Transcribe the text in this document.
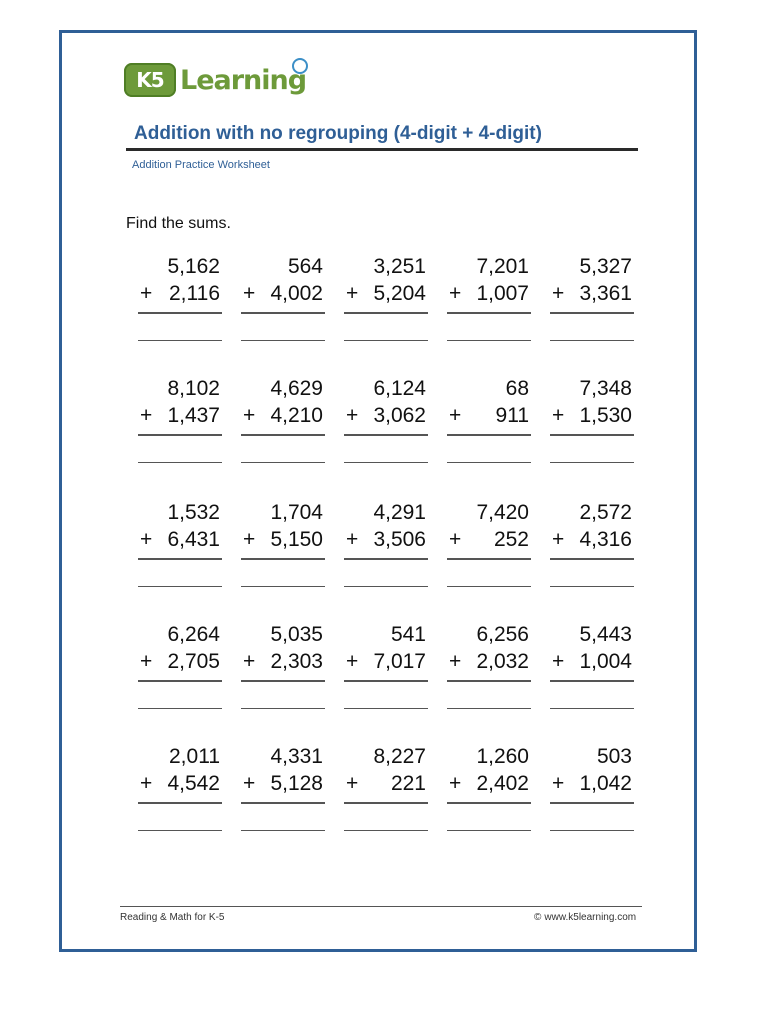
K5 Learning
Addition with no regrouping (4-digit + 4-digit)
Addition Practice Worksheet
Find the sums.
5,162
+ 2,116
564
+ 4,002
3,251
+ 5,204
7,201
+ 1,007
5,327
+ 3,361
8,102
+ 1,437
4,629
+ 4,210
6,124
+ 3,062
68
+ 911
7,348
+ 1,530
1,532
+ 6,431
1,704
+ 5,150
4,291
+ 3,506
7,420
+ 252
2,572
+ 4,316
6,264
+ 2,705
5,035
+ 2,303
541
+ 7,017
6,256
+ 2,032
5,443
+ 1,004
2,011
+ 4,542
4,331
+ 5,128
8,227
+ 221
1,260
+ 2,402
503
+ 1,042
Reading & Math for K-5	© www.k5learning.com
